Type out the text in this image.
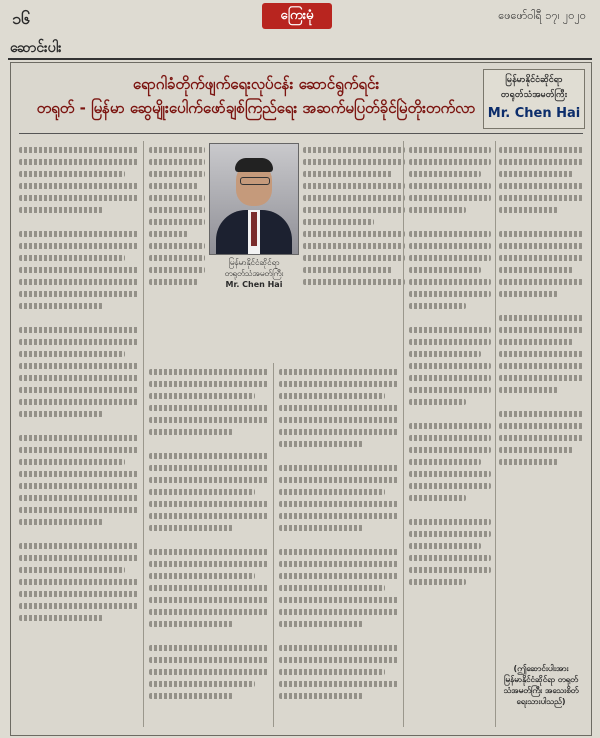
၁၆	ကြေးမုံ	ဖေဖော်ဝါရီ ၁၇၊ ၂၀၂၀
ဆောင်းပါး
ရောဂါခံတိုက်ဖျက်ရေးလုပ်ငန်း ဆောင်ရွက်ရင်း
တရုတ် - မြန်မာ ဆွေမျိုးပေါက်ဖော်ချစ်ကြည်ရေး အဆက်မပြတ်ခိုင်မြဲတိုးတက်လာ
မြန်မာနိုင်ငံဆိုင်ရာ
တရုတ်သံအမတ်ကြီး
Mr. Chen Hai
မြန်မာနိုင်ငံဆိုင်ရာ
တရုတ်သံအမတ်ကြီး
Mr. Chen Hai
(ဤဆောင်းပါးအား မြန်မာနိုင်ငံဆိုင်ရာ တရုတ်သံအမတ်ကြီး အသေးစိတ် ရေးသားပါသည်)
